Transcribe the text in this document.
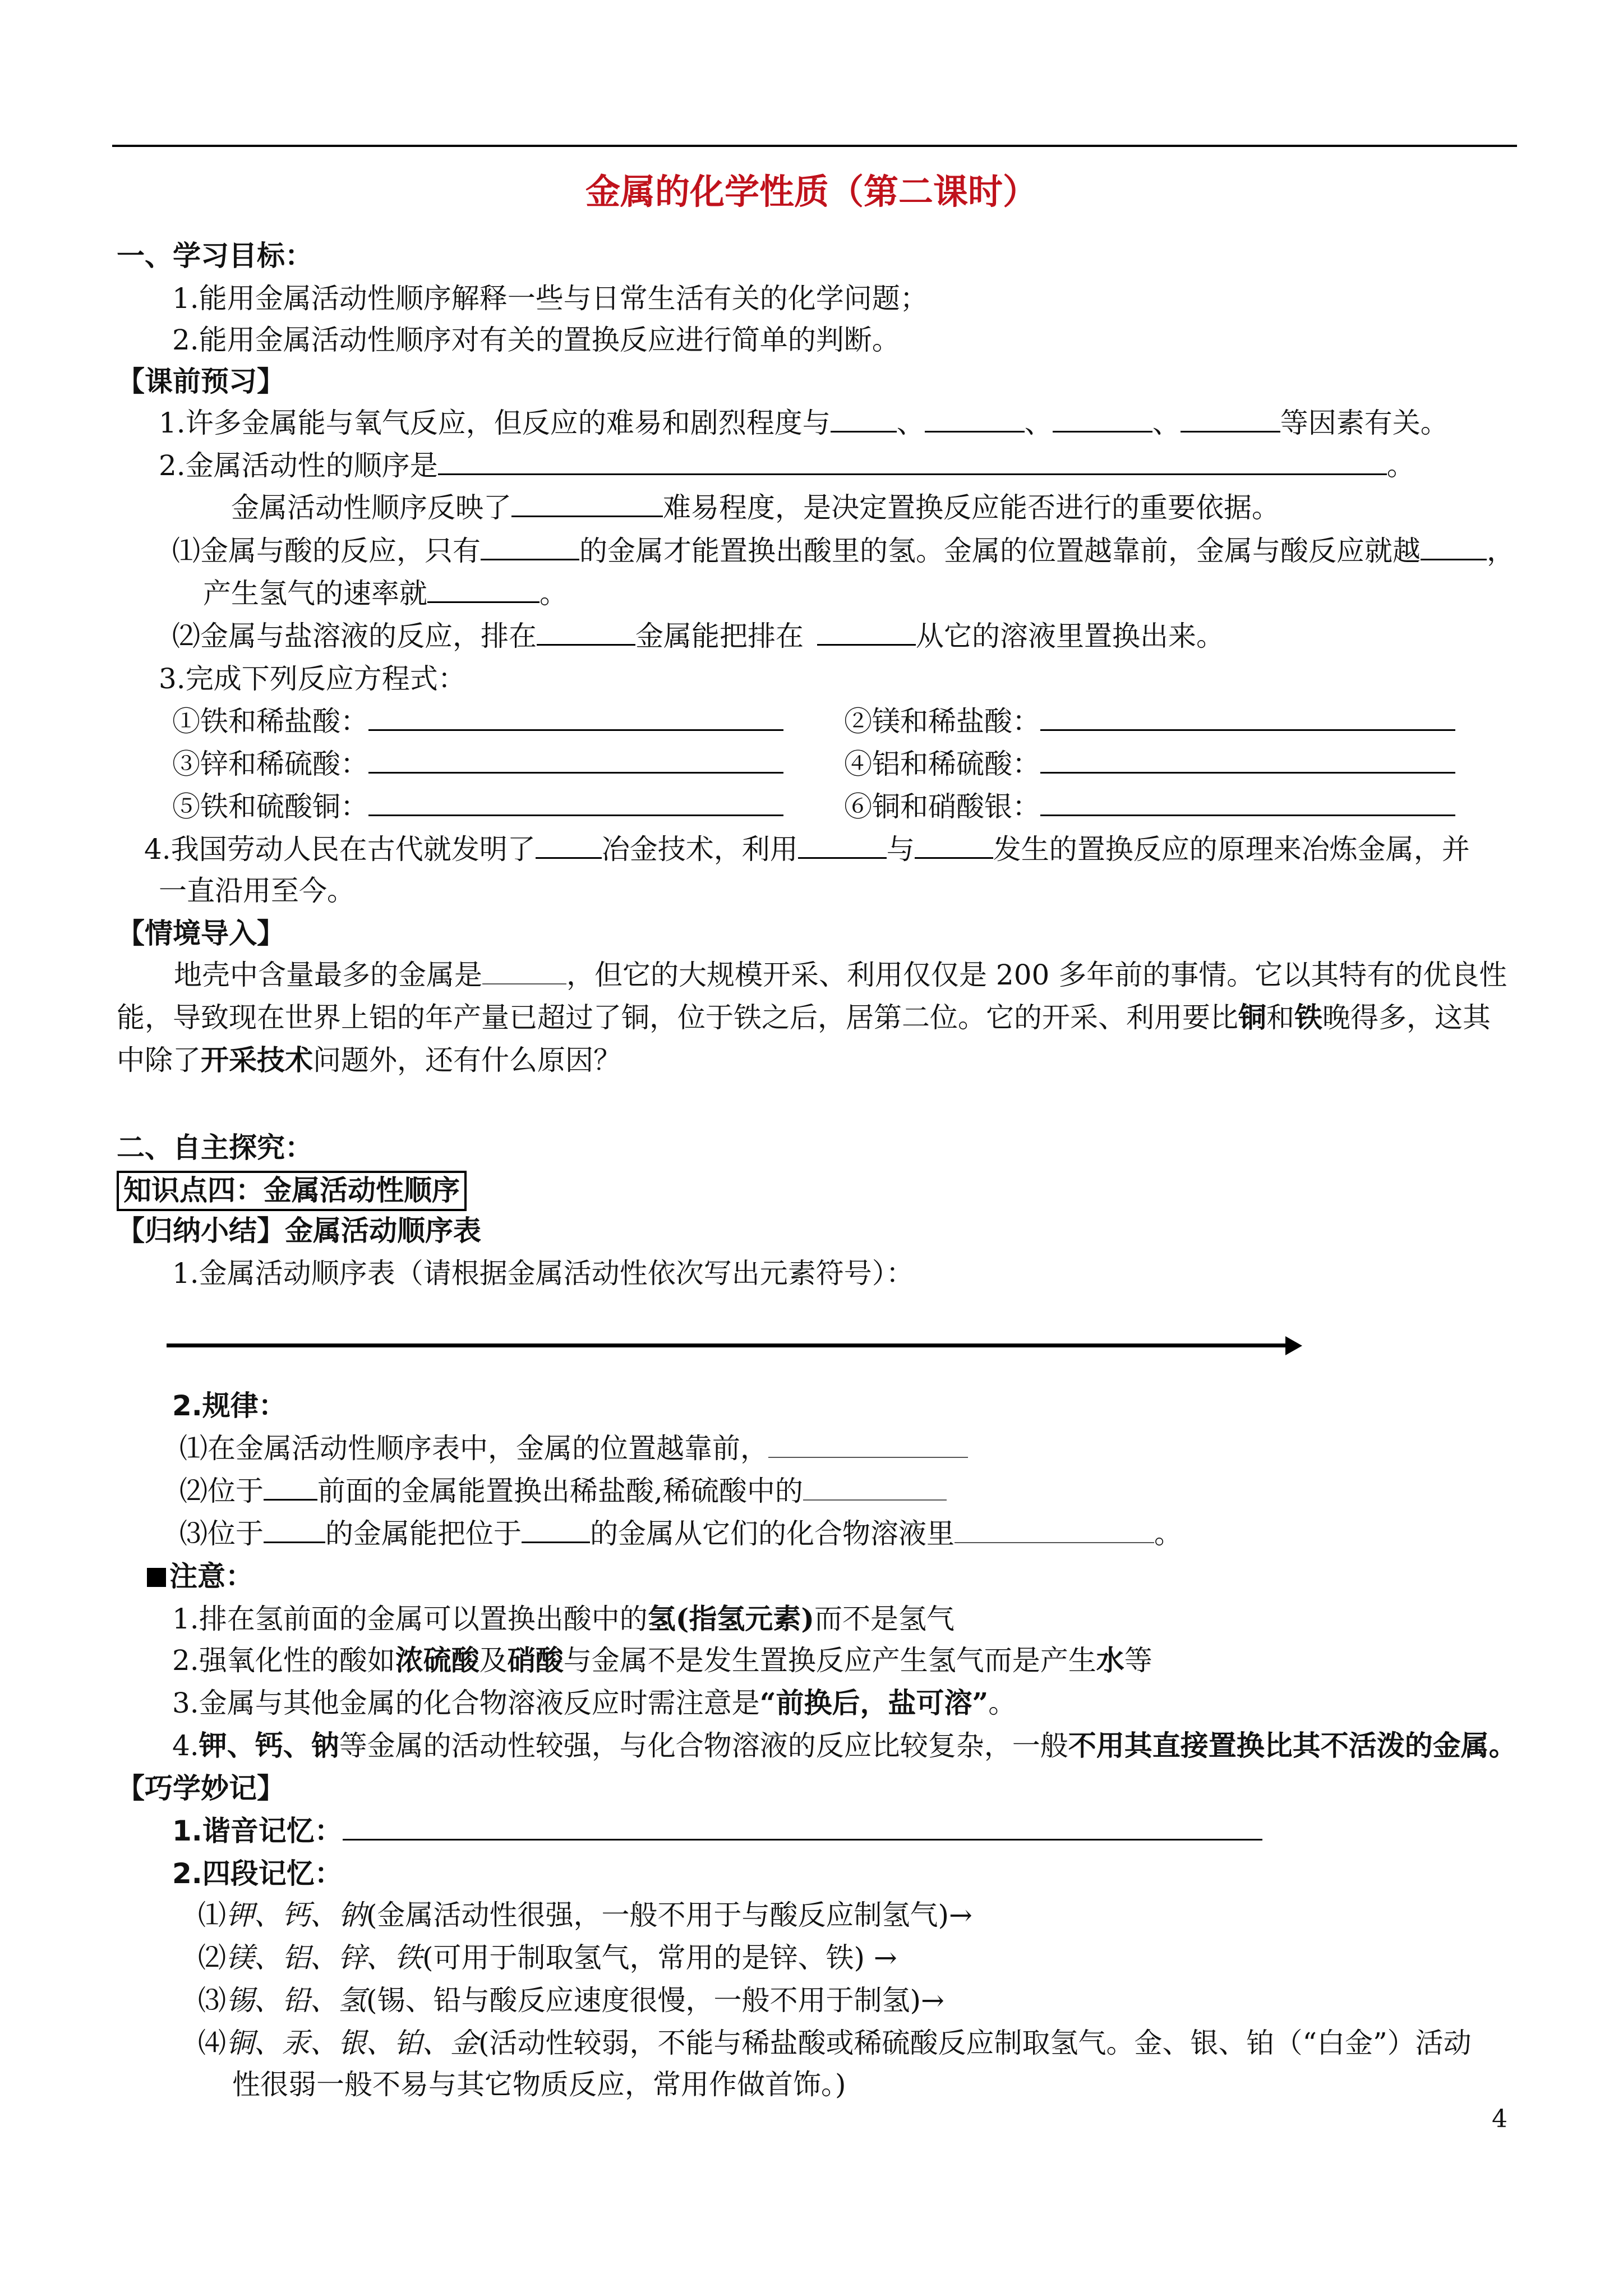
金属的化学性质（第二课时）
一、学习目标：
1.能用金属活动性顺序解释一些与日常生活有关的化学问题；
2.能用金属活动性顺序对有关的置换反应进行简单的判断。
【课前预习】
1.许多金属能与氧气反应，但反应的难易和剧烈程度与 、	、	、	等因素有关。
2.金属活动性的顺序是	。
金属活动性顺序反映了	难易程度，是决定置换反应能否进行的重要依据。
⑴金属与酸的反应，只有	的金属才能置换出酸里的氢。金属的位置越靠前，金属与酸反应就越 ，
产生氢气的速率就	。
⑵金属与盐溶液的反应，排在	金属能把排在	从它的溶液里置换出来。
3.完成下列反应方程式：
①铁和稀盐酸：	②镁和稀盐酸：
③锌和稀硫酸：	④铝和稀硫酸：
⑤铁和硫酸铜：	⑥铜和硝酸银：
4.我国劳动人民在古代就发明了 冶金技术，利用	与	发生的置换反应的原理来冶炼金属，并
一直沿用至今。
【情境导入】
地壳中含量最多的金属是	，但它的大规模开采、利用仅仅是 200 多年前的事情。它以其特有的优良性
能，导致现在世界上铝的年产量已超过了铜，位于铁之后，居第二位。它的开采、利用要比铜和铁晚得多，这其
中除了开采技术问题外，还有什么原因？
二、自主探究：
知识点四：金属活动性顺序
【归纳小结】金属活动顺序表
1.金属活动顺序表（请根据金属活动性依次写出元素符号）：
2.规律：
⑴在金属活动性顺序表中，金属的位置越靠前，
⑵位于 前面的金属能置换出稀盐酸,稀硫酸中的
⑶位于 的金属能把位于 的金属从它们的化合物溶液里	。
注意：
1.排在氢前面的金属可以置换出酸中的氢(指氢元素)而不是氢气
2.强氧化性的酸如浓硫酸及硝酸与金属不是发生置换反应产生氢气而是产生水等
3.金属与其他金属的化合物溶液反应时需注意是“前换后，盐可溶”。
4.钾、钙、钠等金属的活动性较强，与化合物溶液的反应比较复杂，一般不用其直接置换比其不活泼的金属。
【巧学妙记】
1.谐音记忆：
2.四段记忆：
⑴钾、钙、钠(金属活动性很强，一般不用于与酸反应制氢气)→
⑵镁、铝、锌、铁(可用于制取氢气，常用的是锌、铁) →
⑶锡、铅、氢(锡、铅与酸反应速度很慢，一般不用于制氢)→
⑷铜、汞、银、铂、金(活动性较弱，不能与稀盐酸或稀硫酸反应制取氢气。金、银、铂（“白金”）活动
性很弱一般不易与其它物质反应，常用作做首饰。)
4
